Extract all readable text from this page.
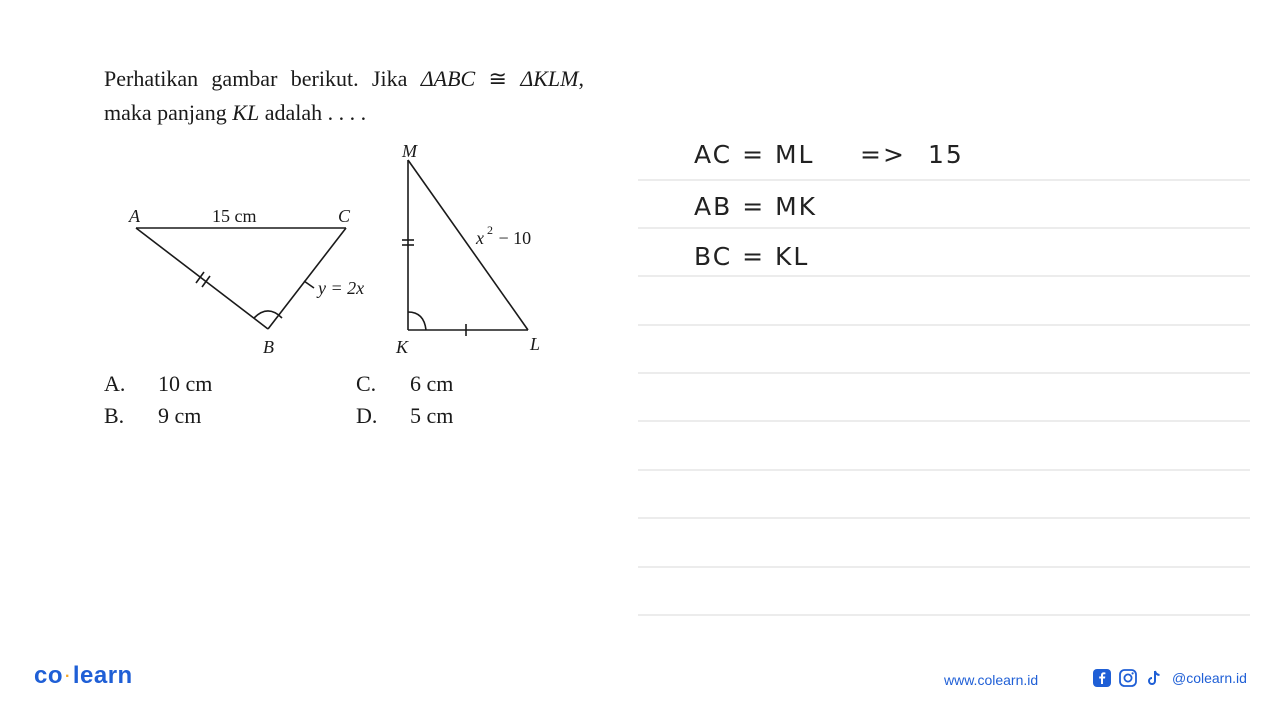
Perhatikan gambar berikut. Jika ΔABC ≅ ΔKLM, maka panjang KL adalah . . . .

A	C
B
15 cm
y = 2x
M
K	L
x 2 − 10
A.	10 cm
B.	9 cm
C.	6 cm
D.	5 cm
AC = ML => 15
AB = MK
BC = KL
co ·learn	www.colearn.id	@colearn.id
